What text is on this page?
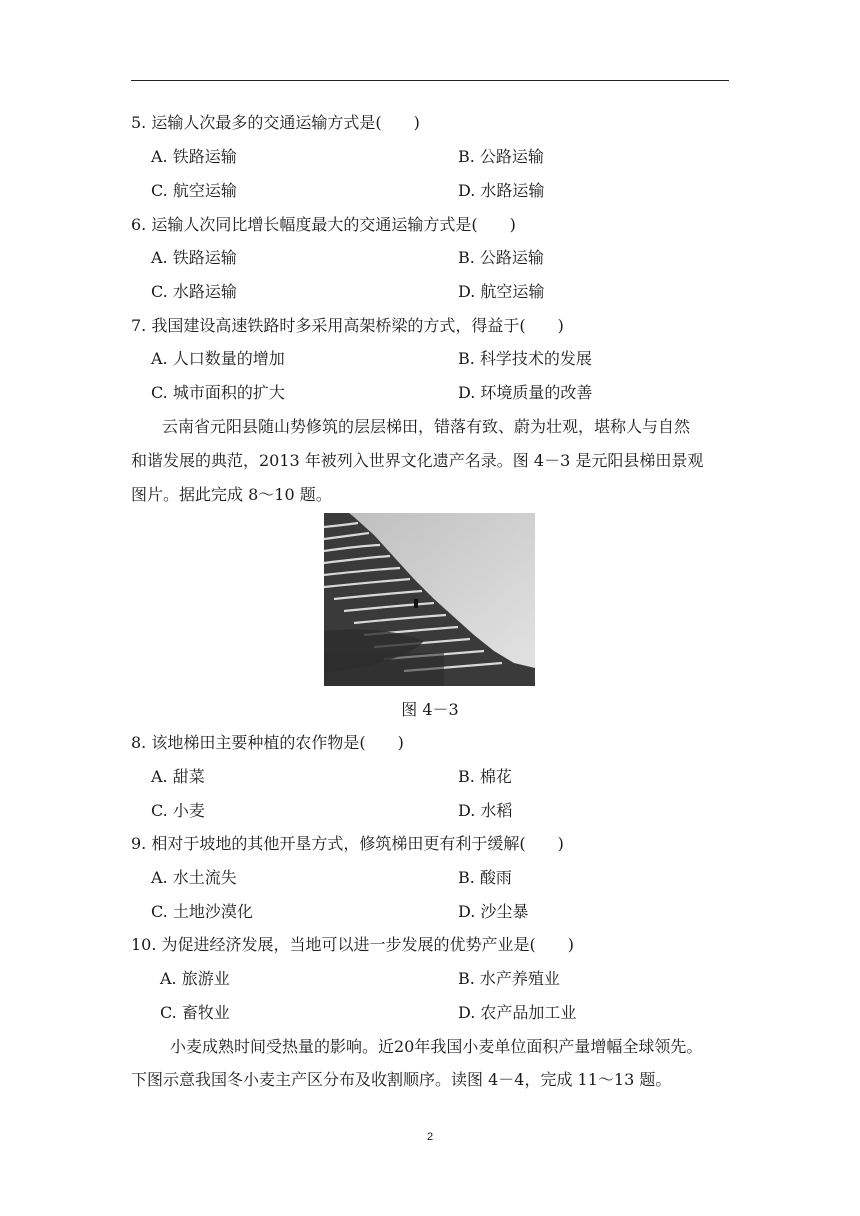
5. 运输人次最多的交通运输方式是(　　)
A. 铁路运输	B. 公路运输
C. 航空运输	D. 水路运输
6. 运输人次同比增长幅度最大的交通运输方式是(　　)
A. 铁路运输	B. 公路运输
C. 水路运输	D. 航空运输
7. 我国建设高速铁路时多采用高架桥梁的方式，得益于(　　)
A. 人口数量的增加	B. 科学技术的发展
C. 城市面积的扩大	D. 环境质量的改善
云南省元阳县随山势修筑的层层梯田，错落有致、蔚为壮观，堪称人与自然
和谐发展的典范，2013 年被列入世界文化遗产名录。图 4－3 是元阳县梯田景观
图片。据此完成 8～10 题。
图 4－3
8. 该地梯田主要种植的农作物是(　　)
A. 甜菜	B. 棉花
C. 小麦	D. 水稻
9. 相对于坡地的其他开垦方式，修筑梯田更有利于缓解(　　)
A. 水土流失	B. 酸雨
C. 土地沙漠化	D. 沙尘暴
10. 为促进经济发展，当地可以进一步发展的优势产业是(　　)
A. 旅游业	B. 水产养殖业
C. 畜牧业	D. 农产品加工业
小麦成熟时间受热量的影响。近20年我国小麦单位面积产量增幅全球领先。
下图示意我国冬小麦主产区分布及收割顺序。读图 4－4，完成 11～13 题。
2
